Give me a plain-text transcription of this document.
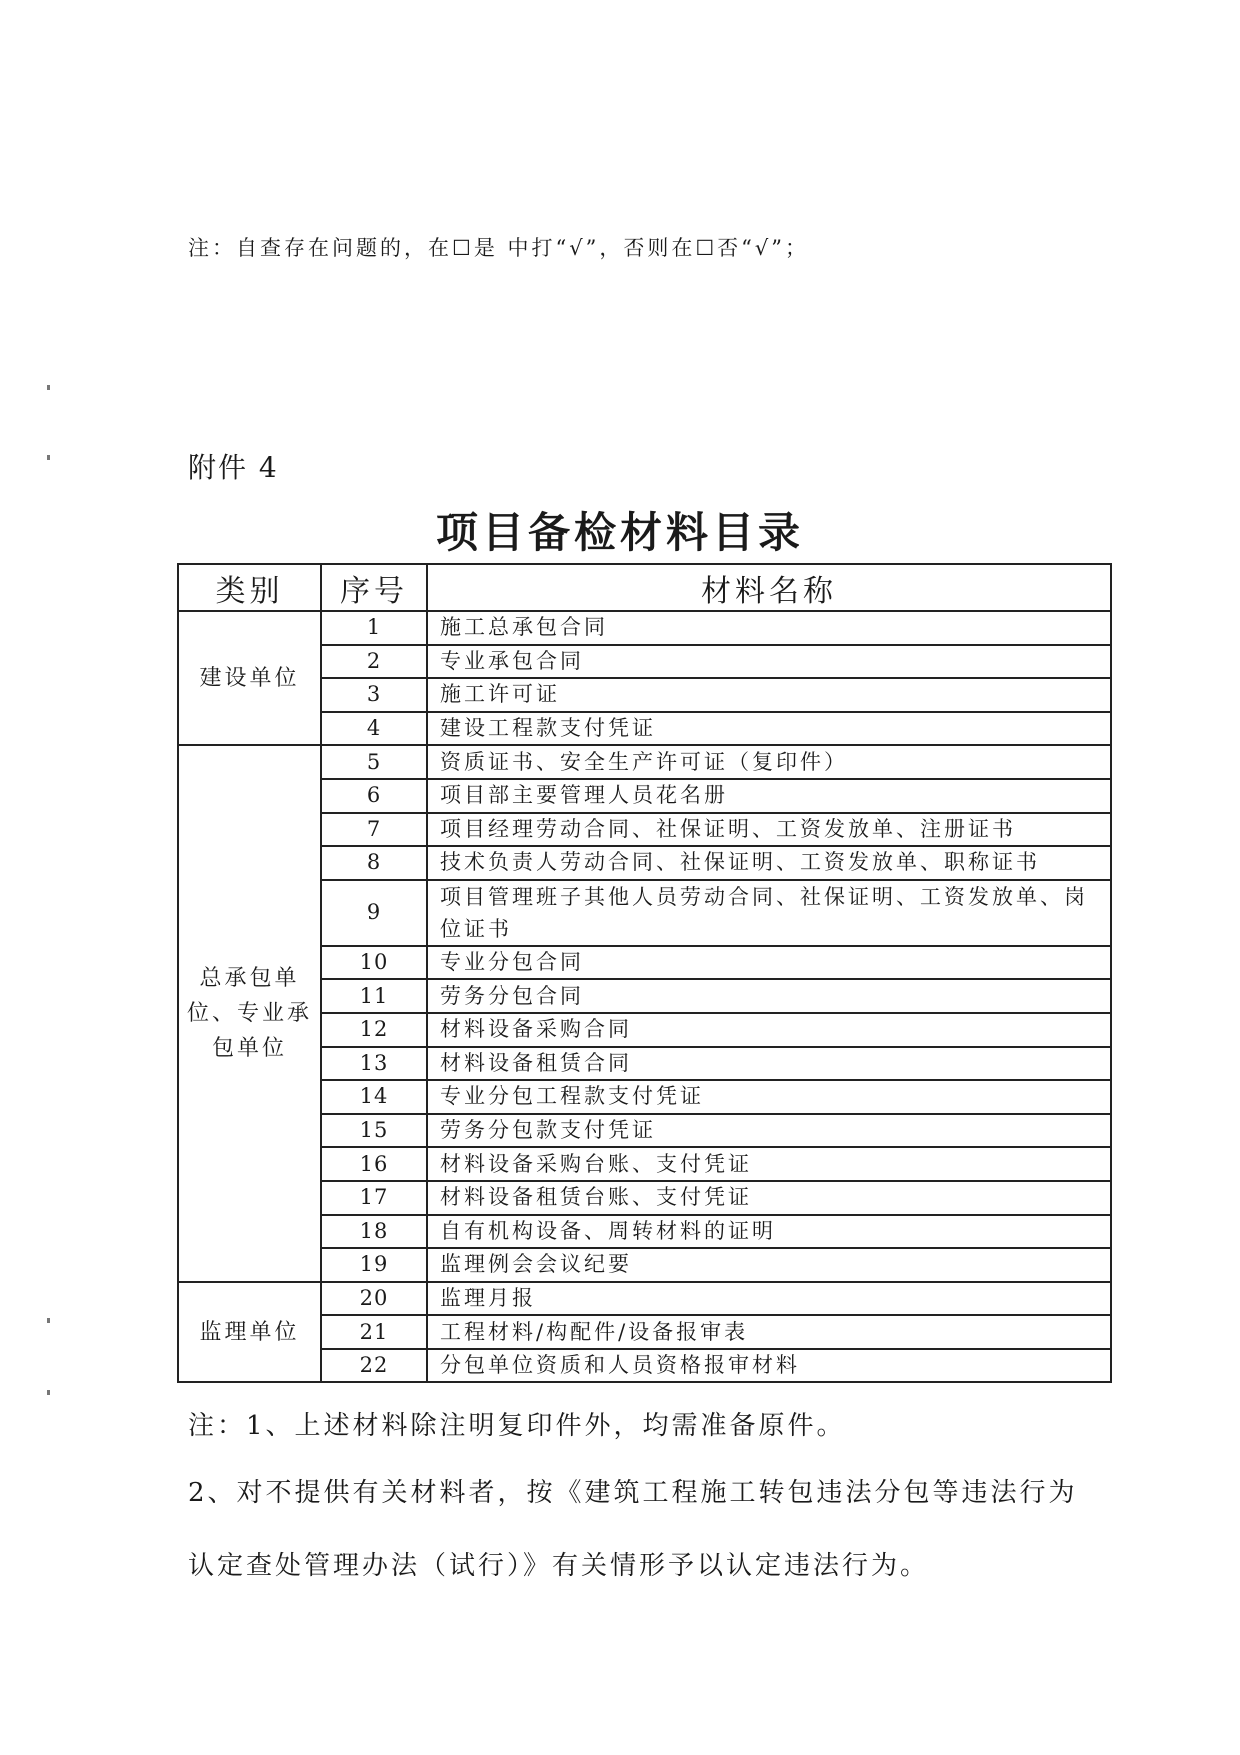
注：自查存在问题的，在☐是 中打“√”，否则在☐否“√”；
附件 4
项目备检材料目录
类别	序号	材料名称
建设单位	1	施工总承包合同
	2	专业承包合同
	3	施工许可证
	4	建设工程款支付凭证
总承包单位、专业承包单位	5	资质证书、安全生产许可证（复印件）
	6	项目部主要管理人员花名册
	7	项目经理劳动合同、社保证明、工资发放单、注册证书
	8	技术负责人劳动合同、社保证明、工资发放单、职称证书
	9	项目管理班子其他人员劳动合同、社保证明、工资发放单、岗位证书
	10	专业分包合同
	11	劳务分包合同
	12	材料设备采购合同
	13	材料设备租赁合同
	14	专业分包工程款支付凭证
	15	劳务分包款支付凭证
	16	材料设备采购台账、支付凭证
	17	材料设备租赁台账、支付凭证
	18	自有机构设备、周转材料的证明
	19	监理例会会议纪要
监理单位	20	监理月报
	21	工程材料/构配件/设备报审表
	22	分包单位资质和人员资格报审材料
注：1、上述材料除注明复印件外，均需准备原件。
2、对不提供有关材料者，按《建筑工程施工转包违法分包等违法行为
认定查处管理办法（试行）》有关情形予以认定违法行为。
